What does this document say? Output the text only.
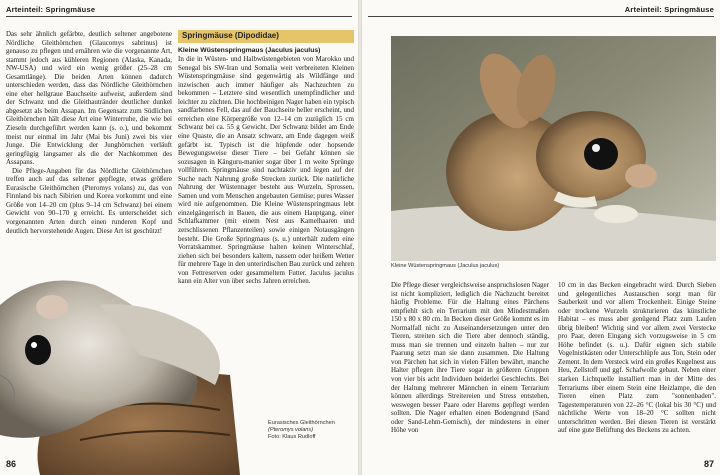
Arteinteil: Springmäuse

Das sehr ähnlich gefärbte, deutlich seltener angebotene Nördliche Gleithörnchen (Glaucomys sabrinus) ist genauso zu pflegen und ernähren wie die vorgenannte Art, stammt jedoch aus kühleren Regionen (Alaska, Kanada, NW-USA) und wird ein wenig größer (25–28 cm Gesamtlänge). Die beiden Arten können dadurch unterschieden werden, dass das Nördliche Gleithörnchen eine eher hellgraue Bauchseite aufweist, außerdem sind der Schwanz und die Gleithautränder deutlicher dunkel abgesetzt als beim Assapan. Im Gegensatz zum Südlichen Gleithörnchen hält diese Art eine Winterruhe, die wie bei Zieseln durchgeführt werden kann (s. o.), und bekommt meist nur einmal im Jahr (Mai bis Juni) zwei bis vier Junge. Die Entwicklung der Junghörnchen verläuft geringfügig langsamer als die der Nachkommen des Assapans.

Die Pflege-Angaben für das Nördliche Gleithörnchen treffen auch auf das seltener gepflegte, etwas größere Eurasische Gleithörnchen (Pteromys volans) zu, das von Finnland bis nach Sibirien und Korea vorkommt und eine Größe von 14–20 cm (plus 9–14 cm Schwanz) bei einem Gewicht von 90–170 g erreicht. Es unterscheidet sich vorgenannten Arten durch einen runderen Kopf und deutlich hervorstehende Augen. Diese Art ist geschützt!

Springmäuse (Dipodidae)
Kleine Wüstenspringmaus (Jaculus jaculus)

In die in Wüsten- und Halbwüstengebieten von Marokko und Senegal bis SW-Iran und Somalia weit verbreiteten Kleinen Wüstenspringmäuse sind gegenwärtig als Wildfänge und inzwischen auch immer häufiger als Nachzuchten zu bekommen – Letztere sind wesentlich unempfindlicher und leichter zu züchten. Die hochbeinigen Nager haben ein typisch sandfarbenes Fell, das auf der Bauchseite heller erscheint, und erreichen eine Körpergröße von 12–14 cm zuzüglich 15 cm Schwanz bei ca. 55 g Gewicht. Der Schwanz bildet am Ende eine Quaste, die an Ansatz schwarz, am Ende dagegen weiß gefärbt ist. Typisch ist die hüpfende oder hopsende Bewegungsweise dieser Tiere – bei Gefahr können sie sozusagen in Känguru-manier sogar über 1 m weite Sprünge vollführen. Springmäuse sind nachtaktiv und legen auf der Suche nach Nahrung große Strecken zurück. Die natürliche Nahrung der Wüstennager besteht aus Wurzeln, Sprossen, Samen und vom Menschen angebauten Gemüse; pures Wasser wird nie aufgenommen. Die Kleine Wüstenspringmaus lebt einzelgängerisch in Bauen, die aus einem Hauptgang, einer Schlafkammer (mit einem Nest aus Kamelhaaren und zerschlissenen Pflanzenteilen) sowie einigen Notausgängen besteht. Die Große Springmaus (s. u.) unterhält zudem eine Vorratskammer. Springmäuse halten keinen Winterschlaf, ziehen sich bei besonders kaltem, nassem oder heißem Wetter für mehrere Tage in den unterirdischen Bau zurück und zehren von Fettreserven oder gesammeltem Futter. Jaculus jaculus kann ein Alter von über sechs Jahren erreichen.

Eurasisches Gleithörnchen
(Pteromys volans)
Foto: Klaus Rudloff
86
Arteinteil: Springmäuse
Kleine Wüstenspringmaus (Jaculus jaculus)

Die Pflege dieser vergleichsweise anspruchslosen Nager ist nicht kompliziert, lediglich die Nachzucht bereitet häufig Probleme. Für die Haltung eines Pärchens empfiehlt sich ein Terrarium mit den Mindestmaßen 150 x 80 x 80 cm. In Becken dieser Größe kommt es im Normalfall nicht zu Auseinandersetzungen unter den Tieren, streiten sich die Tiere aber dennoch ständig, muss man sie trennen und einzeln halten – nur zur Paarung setzt man sie dann zusammen. Die Haltung von Pärchen hat sich in vielen Fällen bewährt, manche Halter pflegen ihre Tiere sogar in größeren Gruppen von vier bis acht Individuen beiderlei Geschlechts. Bei der Haltung mehrerer Männchen in einem Terrarium können allerdings Streitereien und Stress entstehen, weswegen besser Paare oder Harems gepflegt werden sollten. Die Nager erhalten einen Bodengrund (Sand oder Sand-Lehm-Gemisch), der mindestens in einer Höhe von

10 cm in das Becken eingebracht wird. Durch Sieben und gelegentliches Austauschen sorgt man für Sauberkeit und vor allem Trockenheit. Einige Steine oder trockene Wurzeln strukturieren das künstliche Habitat – es muss aber genügend Platz zum Laufen übrig bleiben! Wichtig sind vor allem zwei Verstecke pro Paar, deren Eingang sich vorzugsweise in 5 cm Höhe befindet (s. u.). Dafür eignen sich stabile Vogelnistkästen oder Unterschlüpfe aus Ton, Stein oder Zement. In dem Versteck wird ein großes Kugelnest aus Heu, Zellstoff und ggf. Schafwolle gebaut. Neben einer starken Lichtquelle installiert man in der Mitte des Terrariums über einem Stein eine Heizlampe, die den Tieren einen Platz zum "sonnenbaden". Tagestemperaturen von 22–26 °C (lokal bis 30 °C) und nächtliche Werte von 18–20 °C sollten nicht unterschritten werden. Bei diesen Tieren ist verstärkt auf eine gute Belüftung des Beckens zu achten.

87
